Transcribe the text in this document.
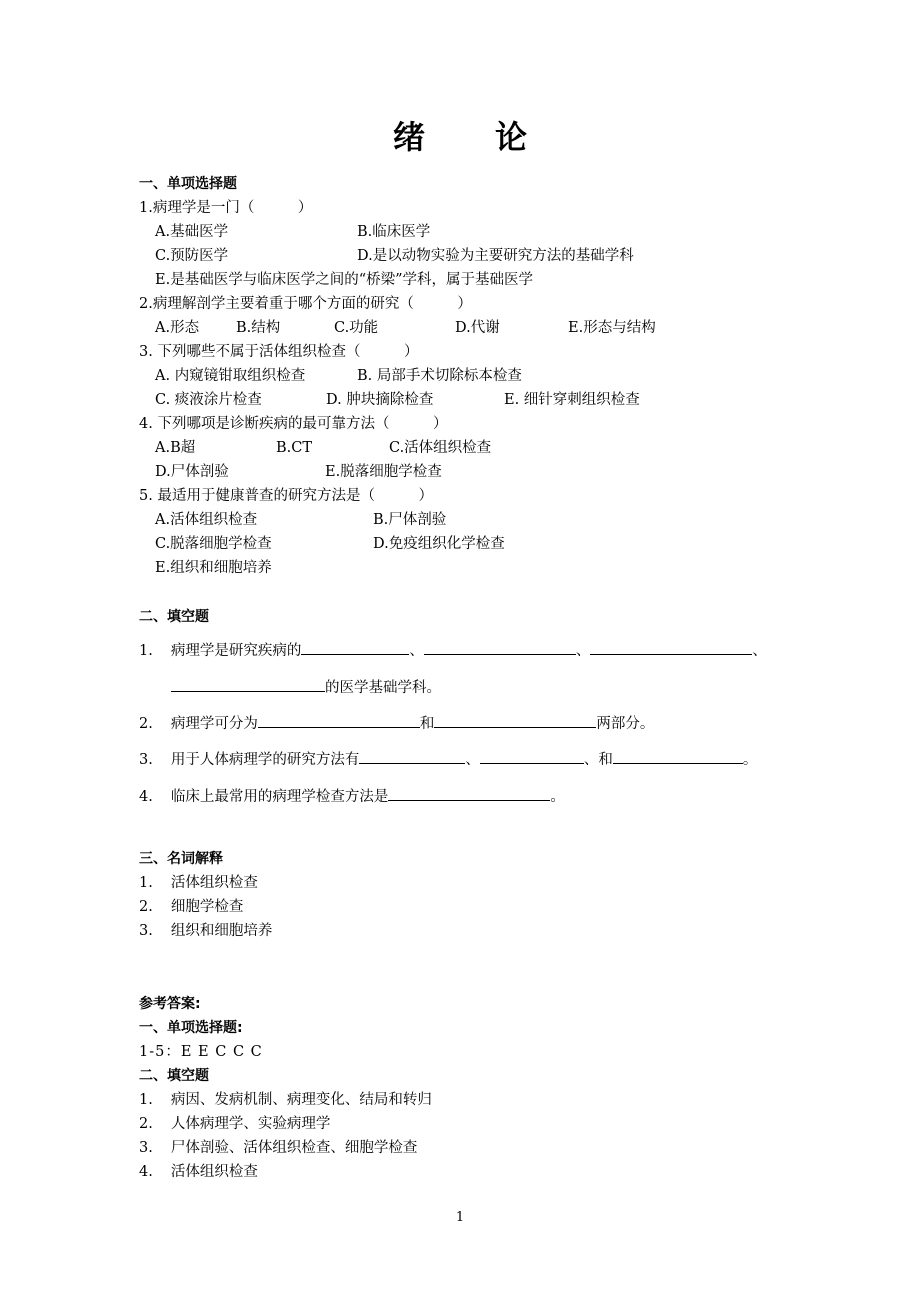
绪 论
一、单项选择题
1.病理学是一门（　　　）
A.基础医学	B.临床医学
C.预防医学	D.是以动物实验为主要研究方法的基础学科
E.是基础医学与临床医学之间的“桥梁”学科，属于基础医学
2.病理解剖学主要着重于哪个方面的研究（　　　）
A.形态	B.结构	C.功能	D.代谢	E.形态与结构
3. 下列哪些不属于活体组织检查（　　　）
A. 内窥镜钳取组织检查	B. 局部手术切除标本检查
C. 痰液涂片检查	D. 肿块摘除检查	E. 细针穿刺组织检查
4. 下列哪项是诊断疾病的最可靠方法（　　　）
A.B超	B.CT	C.活体组织检查
D.尸体剖验	E.脱落细胞学检查
5. 最适用于健康普查的研究方法是（　　　）
A.活体组织检查	B.尸体剖验
C.脱落细胞学检查	D.免疫组织化学检查
E.组织和细胞培养
二、填空题
1. 病理学是研究疾病的	、	、	、
的医学基础学科。
2. 病理学可分为	和	两部分。
3. 用于人体病理学的研究方法有	、	、和	。
4. 临床上最常用的病理学检查方法是	。
三、名词解释
1. 活体组织检查
2. 细胞学检查
3. 组织和细胞培养
参考答案:
一、单项选择题:
1-5：E E C C C
二、填空题
1. 病因、发病机制、病理变化、结局和转归
2. 人体病理学、实验病理学
3. 尸体剖验、活体组织检查、细胞学检查
4. 活体组织检查
1
